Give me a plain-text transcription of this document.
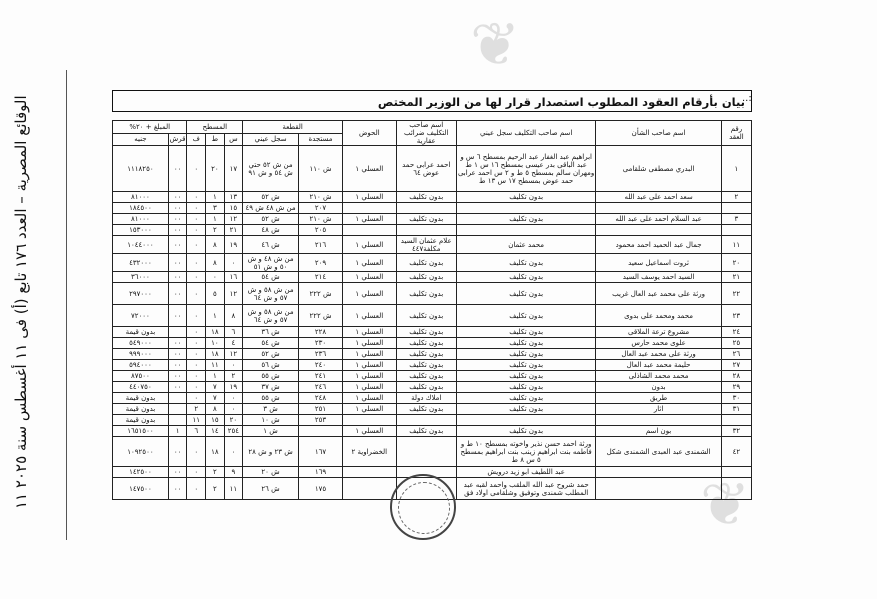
الوقائع المصرية – العدد ١٧٦ تابع (أ) فى ١١ أغسطس سنة ٢٠٢٥ ١١
❦
❦
بيان بأرقام العقود المطلوب استصدار قرار لها من الوزير المختص
..:
رقم العقد	اسم صاحب الشأن	اسم صاحب التكليف سجل عيني	اسم صاحب التكليف ضرائب عقارية	الحوض	القطعة		المسطح			المبلغ + ٢٠%	
					مستجدة	سجل عيني	س	ط	ف	قرش	جنيه
١	البدري مصطفى شلقامى	ابراهيم عبد الغفار عبد الرحيم بمسطح ٦ س و عبد الباقى بدر عيسى بمسطح ١٦ س ١ ط ومهران سالم بمسطح ٥ ط و ٢ س احمد عرابى حمد عوض بمسطح ١٧ س ١٣ ط	احمد عرابى حمد عوض ٦٤	العسلي ١	ش ١١٠	من ش ٥٢ حتي ش ٥٤ و ش ٩١	١٧	٢٠	٠	٠٠	١١١٨٢٥٠
٢	سعد احمد على عبد الله	بدون تكليف	بدون تكليف	العسلي ١	ش ٢١٠	ش ٥٢	١٣	١	٠	٠٠	٨١٠٠٠
					٢٠٧	من ش ٤٨ ش ٤٩	١٥	٣	٠	٠٠	١٨٤٥٠٠
٣	عبد السلام احمد على عبد الله	بدون تكليف	بدون تكليف	العسلي ١	ش ٢١٠	ش ٥٢	١٢	١	٠	٠٠	٨١٠٠٠
					٢٠٥	ش ٤٨	٢١	٢	٠	٠٠	١٥٣٠٠٠
١١	جمال عبد الحميد احمد محمود	محمد عثمان	علام عثمان السيد مكلفة٤٤٧	العسلي ١	٢١٦	ش ٤٦	١٩	٨	٠	٠٠	١٠٤٤٠٠٠
٢٠	ثروت اسماعيل سعيد	بدون تكليف	بدون تكليف	العسلي ١	٢٠٩	من ش ٤٨ و ش ٥٠ و ش ٥١	٠	٨	٠	٠٠	٤٣٢٠٠٠
٢١	السيد احمد يوسف السيد	بدون تكليف	بدون تكليف	العسلي ١	٢١٤	ش ٥٤	١٦	٠	٠	٠٠	٣٦٠٠٠
٢٢	ورثة على محمد عبد العال غريب	بدون تكليف	بدون تكليف	العسلي ١	ش ٢٢٢	من ش ٥٨ و ش ٥٧ و ش ٦٤	١٢	٥	٠	٠٠	٢٩٧٠٠٠
٢٣	محمد ومحمد على بدوى	بدون تكليف	بدون تكليف	العسلي ١	ش ٢٢٢	من ش ٥٨ و ش ٥٧ و ش ٦٤	٨	١	٠	٠٠	٧٢٠٠٠
٢٤	مشروع ترعة الملاقى	بدون تكليف	بدون تكليف	العسلي ١	٢٢٨	ش ٣٦	٦	١٨	٠		بدون قيمة
٢٥	علوى محمد حارس	بدون تكليف	بدون تكليف	العسلي ١	٢٣٠	ش ٥٤	٤	١٠	٠	٠٠	٥٤٩٠٠٠
٢٦	ورثة على محمد عبد العال	بدون تكليف	بدون تكليف	العسلي ١	٢٣٦	ش ٥٢	١٢	١٨	٠	٠٠	٩٩٩٠٠٠
٢٧	حليمة محمد عبد العال	بدون تكليف	بدون تكليف	العسلي ١	٢٤٠	ش ٥٦	٠	١١	٠	٠٠	٥٩٤٠٠٠
٢٨	محمد محمد الشاذلى	بدون تكليف	بدون تكليف	العسلي ١	٢٤١	ش ٥٥	٢	١	٠	٠٠	٨٧٥٠٠
٢٩	بدون	بدون تكليف	بدون تكليف	العسلي ١	٢٤٦	ش ٣٧	١٩	٧	٠	٠٠	٤٤٠٧٥٠
٣٠	طريق	بدون تكليف	املاك دولة	العسلي ١	٢٤٨	ش ٥٥	٠	٧	٠		بدون قيمة
٣١	اثار	بدون تكليف	بدون تكليف	العسلي ١	٢٥١	ش ٣	٠	٨	٢		بدون قيمة
					٢٥٣	ش ١٠	٢٠	١٥	١١		بدون قيمة
٣٢	بون اسم	بدون تكليف	بدون تكليف	العسلي ١		ش ١	٢٥٤	١٤	٦	١	١٦٥١٥٠٠
٤٢	الشمندى عبد العبدى الشمندى شكل	ورثة احمد حسن نذير واخوته بمسطح ١٠ ط و فاطمه بنت ابراهيم زينب بنت ابراهيم بمسطح ٥ س ٨ ط		الخضراوية ٢	١٦٧	ش ٢٣ و ش ٢٨	٠	١٨	٠	٠٠	١٠٩٢٥٠٠
		عبد اللطيف ابو زيد درويش			١٦٩	ش ٢٠	٩	٢	٠	٠٠	١٤٢٥٠٠
		حمد شروح عبد الله الملقب واحمد لقبه عبد المطلب شمندى وتوفيق وشلقامى اولاد فق			١٧٥	ش ٢٦	١١	٢	٠	٠٠	١٤٧٥٠٠
